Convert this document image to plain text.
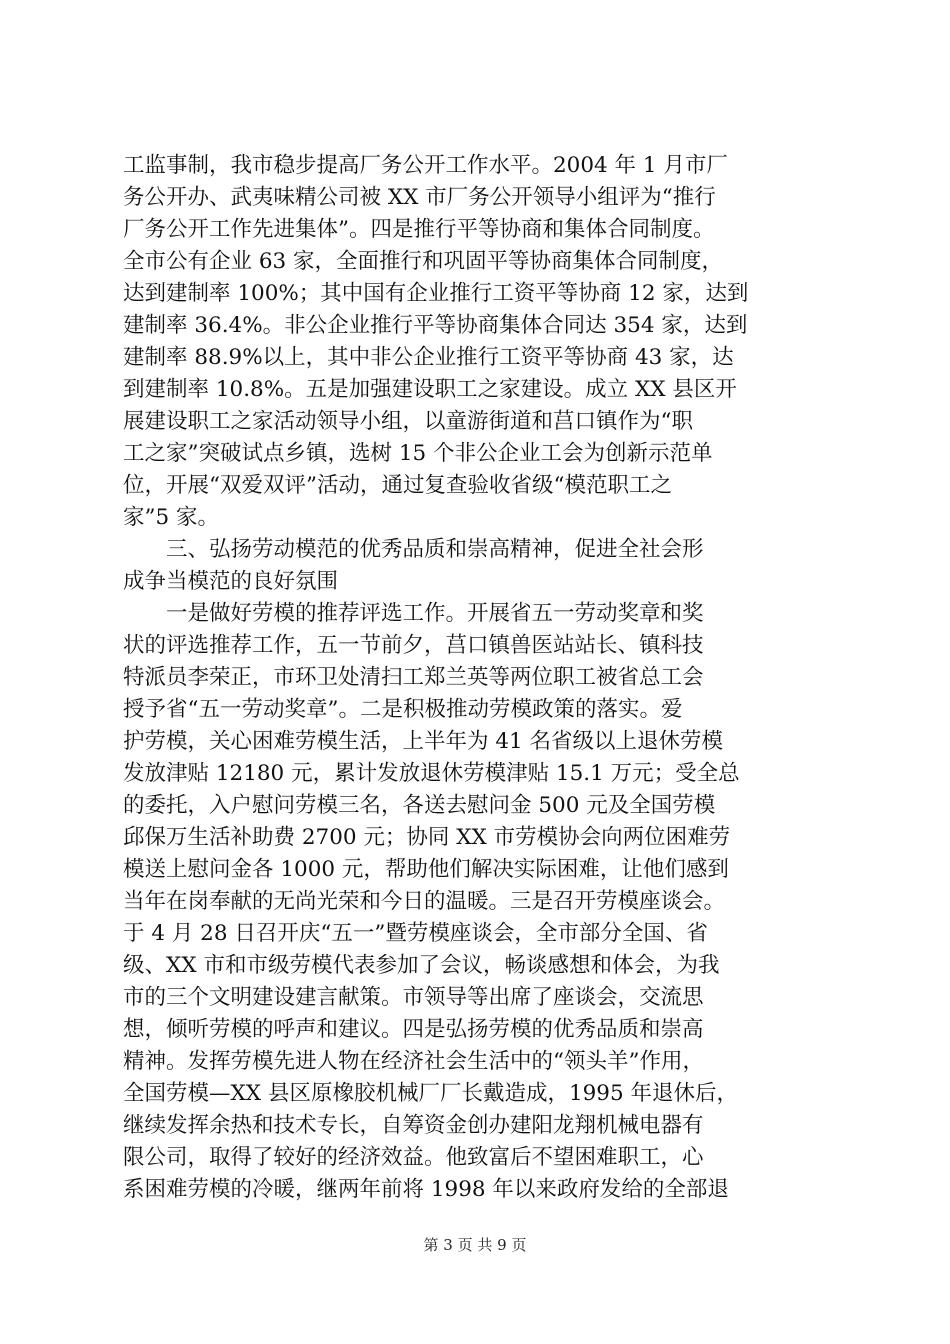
工监事制，我市稳步提高厂务公开工作水平。2004 年 1 月市厂
务公开办、武夷味精公司被 XX 市厂务公开领导小组评为“推行
厂务公开工作先进集体”。四是推行平等协商和集体合同制度。
全市公有企业 63 家，全面推行和巩固平等协商集体合同制度，
达到建制率 100%；其中国有企业推行工资平等协商 12 家，达到
建制率 36.4%。非公企业推行平等协商集体合同达 354 家，达到
建制率 88.9%以上，其中非公企业推行工资平等协商 43 家，达
到建制率 10.8%。五是加强建设职工之家建设。成立 XX 县区开
展建设职工之家活动领导小组，以童游街道和莒口镇作为“职
工之家”突破试点乡镇，选树 15 个非公企业工会为创新示范单
位，开展“双爱双评”活动，通过复查验收省级“模范职工之
家”5 家。
　　三、弘扬劳动模范的优秀品质和崇高精神，促进全社会形
成争当模范的良好氛围
　　一是做好劳模的推荐评选工作。开展省五一劳动奖章和奖
状的评选推荐工作，五一节前夕，莒口镇兽医站站长、镇科技
特派员李荣正，市环卫处清扫工郑兰英等两位职工被省总工会
授予省“五一劳动奖章”。二是积极推动劳模政策的落实。爱
护劳模，关心困难劳模生活，上半年为 41 名省级以上退休劳模
发放津贴 12180 元，累计发放退休劳模津贴 15.1 万元；受全总
的委托，入户慰问劳模三名，各送去慰问金 500 元及全国劳模
邱保万生活补助费 2700 元；协同 XX 市劳模协会向两位困难劳
模送上慰问金各 1000 元，帮助他们解决实际困难，让他们感到
当年在岗奉献的无尚光荣和今日的温暖。三是召开劳模座谈会。
于 4 月 28 日召开庆“五一”暨劳模座谈会，全市部分全国、省
级、XX 市和市级劳模代表参加了会议，畅谈感想和体会，为我
市的三个文明建设建言献策。市领导等出席了座谈会，交流思
想，倾听劳模的呼声和建议。四是弘扬劳模的优秀品质和崇高
精神。发挥劳模先进人物在经济社会生活中的“领头羊”作用，
全国劳模—XX 县区原橡胶机械厂厂长戴造成，1995 年退休后，
继续发挥余热和技术专长，自筹资金创办建阳龙翔机械电器有
限公司，取得了较好的经济效益。他致富后不望困难职工，心
系困难劳模的冷暖，继两年前将 1998 年以来政府发给的全部退
第 3 页 共 9 页
